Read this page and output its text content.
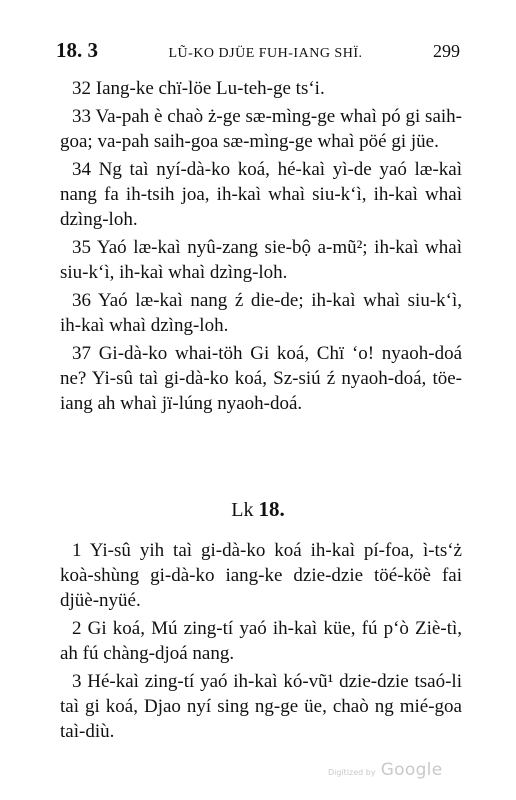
18. 3	LŨ-KO DJÜE FUH-IANG SHÏ.	299

32 Iang-ke chï-löe Lu-teh-ge ts‘i.

33 Va-pah è chaò ż-ge sæ-mìng-ge whaì pó gi saih-goa; va-pah saih-goa sæ-mìng-ge whaì pöé gi jüe.

34 Ng taì nyí-dà-ko koá, hé-kaì yì-de yaó læ-kaì nang fa ih-tsih joa, ih-kaì whaì siu-k‘ì, ih-kaì whaì dzìng-loh.

35 Yaó læ-kaì nyû-zang sie-bộ a-mũ²; ih-kaì whaì siu-k‘ì, ih-kaì whaì dzìng-loh.

36 Yaó læ-kaì nang ź die-de; ih-kaì whaì siu-k‘ì, ih-kaì whaì dzìng-loh.

37 Gi-dà-ko whai-töh Gi koá, Chï ‘o! nyaoh-doá ne? Yi-sû taì gi-dà-ko koá, Sz-siú ź nyaoh-doá, töe-iang ah whaì jï-lúng nyaoh-doá.

Lk 18.

1 Yi-sû yih taì gi-dà-ko koá ih-kaì pí-foa, ì-ts‘ż koà-shùng gi-dà-ko iang-ke dzie-dzie töé-köè fai djüè-nyüé.

2 Gi koá, Mú zing-tí yaó ih-kaì küe, fú p‘ò Ziè-tì, ah fú chàng-djoá nang.

3 Hé-kaì zing-tí yaó ih-kaì kó-vũ¹ dzie-dzie tsaó-li taì gi koá, Djao nyí sing ng-ge üe, chaò ng mié-goa taì-diù.

Digitized by Google
